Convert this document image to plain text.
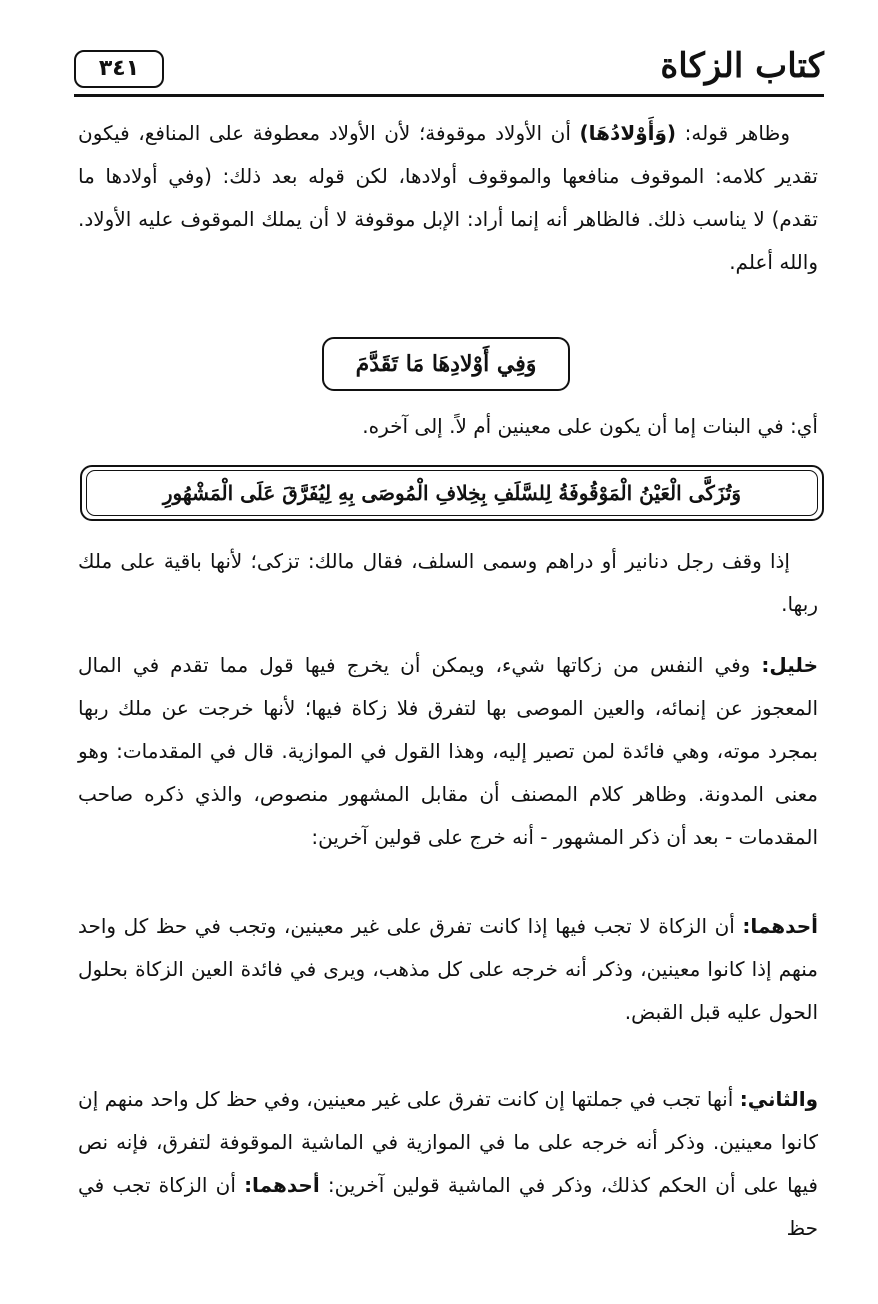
كتاب الزكاة
٣٤١
وظاهر قوله: (وَأَوْلادُهَا) أن الأولاد موقوفة؛ لأن الأولاد معطوفة على المنافع، فيكون تقدير كلامه: الموقوف منافعها والموقوف أولادها، لكن قوله بعد ذلك: (وفي أولادها ما تقدم) لا يناسب ذلك. فالظاهر أنه إنما أراد: الإبل موقوفة لا أن يملك الموقوف عليه الأولاد. والله أعلم.
وَفِي أَوْلادِهَا مَا تَقَدَّمَ
أي: في البنات إما أن يكون على معينين أم لاً. إلى آخره.
وَتُزَكَّى الْعَيْنُ الْمَوْقُوفَةُ لِلسَّلَفِ بِخِلافِ الْمُوصَى بِهِ لِيُفَرَّقَ عَلَى الْمَشْهُورِ
إذا وقف رجل دنانير أو دراهم وسمى السلف، فقال مالك: تزكى؛ لأنها باقية على ملك ربها.
خليل: وفي النفس من زكاتها شيء، ويمكن أن يخرج فيها قول مما تقدم في المال المعجوز عن إنمائه، والعين الموصى بها لتفرق فلا زكاة فيها؛ لأنها خرجت عن ملك ربها بمجرد موته، وهي فائدة لمن تصير إليه، وهذا القول في الموازية. قال في المقدمات: وهو معنى المدونة. وظاهر كلام المصنف أن مقابل المشهور منصوص، والذي ذكره صاحب المقدمات - بعد أن ذكر المشهور - أنه خرج على قولين آخرين:
أحدهما: أن الزكاة لا تجب فيها إذا كانت تفرق على غير معينين، وتجب في حظ كل واحد منهم إذا كانوا معينين، وذكر أنه خرجه على كل مذهب، ويرى في فائدة العين الزكاة بحلول الحول عليه قبل القبض.
والثاني: أنها تجب في جملتها إن كانت تفرق على غير معينين، وفي حظ كل واحد منهم إن كانوا معينين. وذكر أنه خرجه على ما في الموازية في الماشية الموقوفة لتفرق، فإنه نص فيها على أن الحكم كذلك، وذكر في الماشية قولين آخرين: أحدهما: أن الزكاة تجب في حظ
